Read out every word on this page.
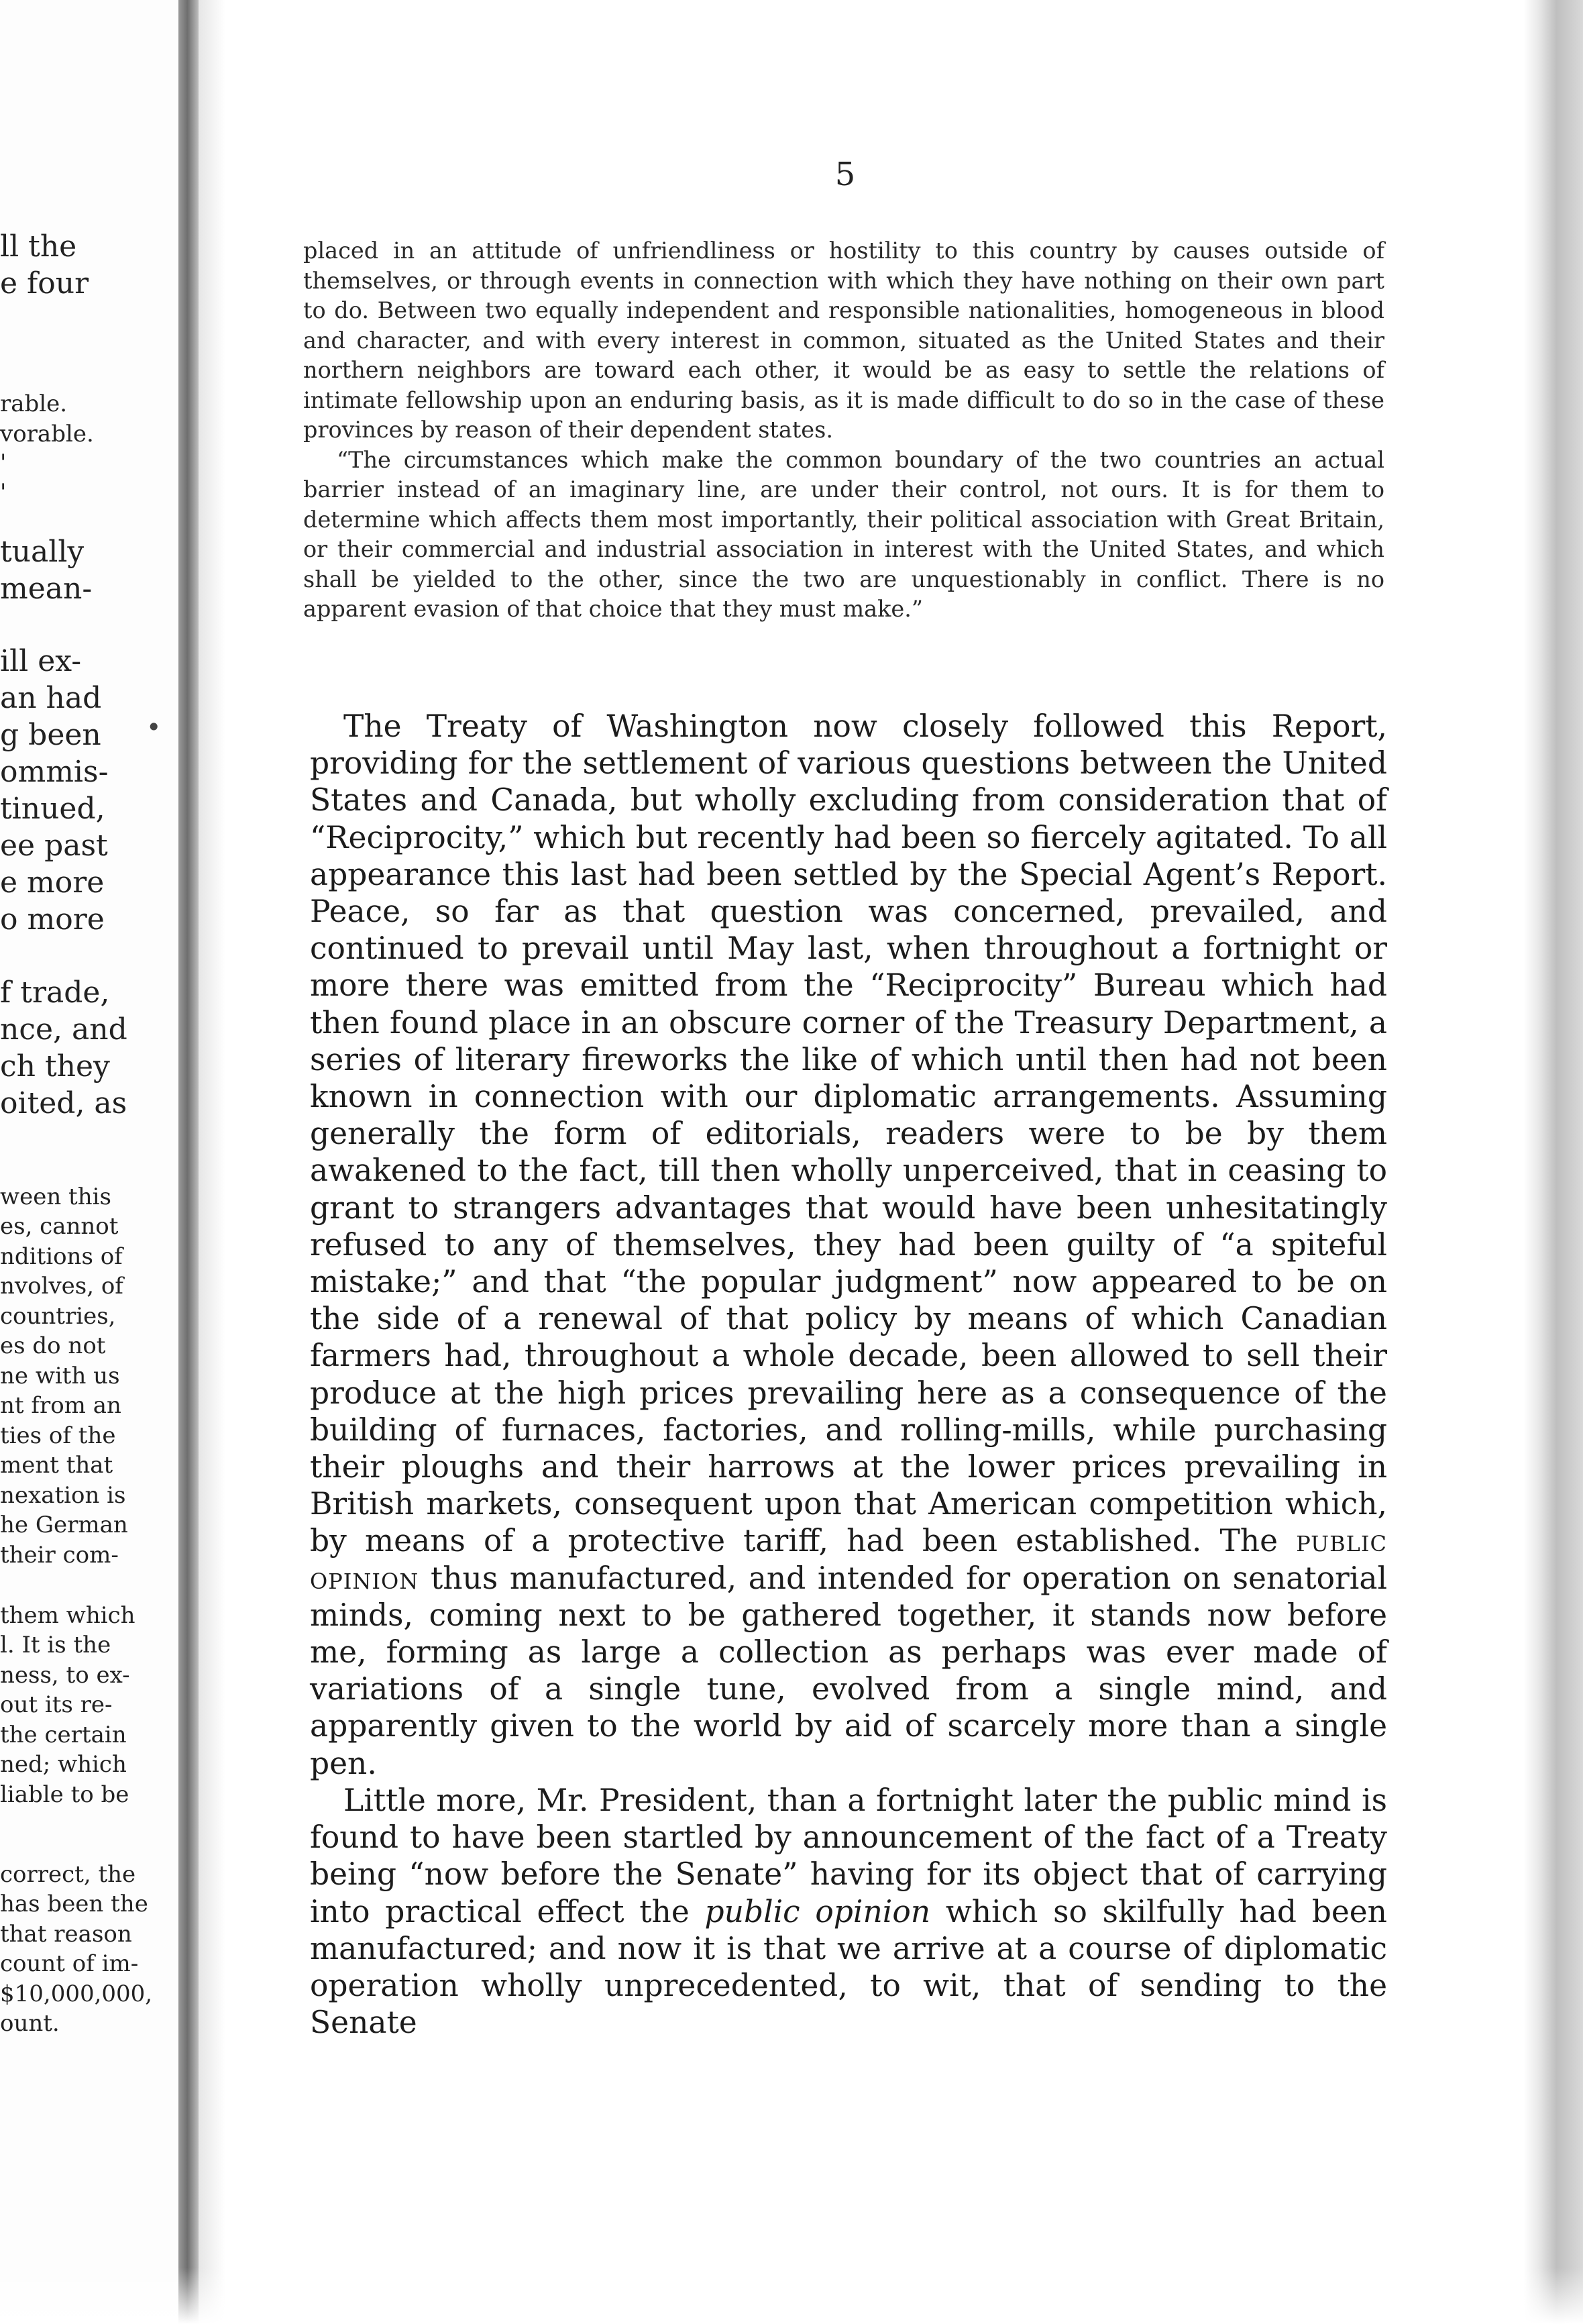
ll the
e four
rable.
vorable.
'
'
tually
mean-
ill ex-
an had
g been
ommis-
tinued,
ee past
e more
o more
f trade,
nce, and
ch they
oited, as
ween this
es, cannot
nditions of
nvolves, of
countries,
es do not
ne with us
nt from an
ties of the
ment that
nexation is
he German
their com-
them which
l. It is the
ness, to ex-
out its re-
the certain
ned; which
liable to be
correct, the
has been the
that reason
count of im-
$10,000,000,
ount.
•
5

placed in an attitude of unfriendliness or hostility to this country by causes outside of themselves, or through events in connection with which they have nothing on their own part to do. Between two equally independent and responsible nationalities, homogeneous in blood and character, and with every interest in common, situated as the United States and their northern neighbors are toward each other, it would be as easy to settle the relations of intimate fellowship upon an enduring basis, as it is made difficult to do so in the case of these provinces by reason of their dependent states.

“The circumstances which make the common boundary of the two countries an actual barrier instead of an imaginary line, are under their control, not ours. It is for them to determine which affects them most importantly, their political association with Great Britain, or their commercial and industrial association in interest with the United States, and which shall be yielded to the other, since the two are unquestionably in conflict. There is no apparent evasion of that choice that they must make.”

The Treaty of Washington now closely followed this Report, providing for the settlement of various questions between the United States and Canada, but wholly excluding from consideration that of “Reciprocity,” which but recently had been so fiercely agitated. To all appearance this last had been settled by the Special Agent’s Report. Peace, so far as that question was concerned, prevailed, and continued to prevail until May last, when throughout a fortnight or more there was emitted from the “Reciprocity” Bureau which had then found place in an obscure corner of the Treasury Department, a series of literary fireworks the like of which until then had not been known in connection with our diplomatic arrangements. Assuming generally the form of editorials, readers were to be by them awakened to the fact, till then wholly unperceived, that in ceasing to grant to strangers advantages that would have been unhesitatingly refused to any of themselves, they had been guilty of “a spiteful mistake;” and that “the popular judgment” now appeared to be on the side of a renewal of that policy by means of which Canadian farmers had, throughout a whole decade, been allowed to sell their produce at the high prices prevailing here as a consequence of the building of furnaces, factories, and rolling-mills, while purchasing their ploughs and their harrows at the lower prices prevailing in British markets, consequent upon that American competition which, by means of a protective tariff, had been established. The public opinion thus manufactured, and intended for operation on senatorial minds, coming next to be gathered together, it stands now before me, forming as large a collection as perhaps was ever made of variations of a single tune, evolved from a single mind, and apparently given to the world by aid of scarcely more than a single pen.

Little more, Mr. President, than a fortnight later the public mind is found to have been startled by announcement of the fact of a Treaty being “now before the Senate” having for its object that of carrying into practical effect the public opinion which so skilfully had been manufactured; and now it is that we arrive at a course of diplomatic operation wholly unprecedented, to wit, that of sending to the Senate
